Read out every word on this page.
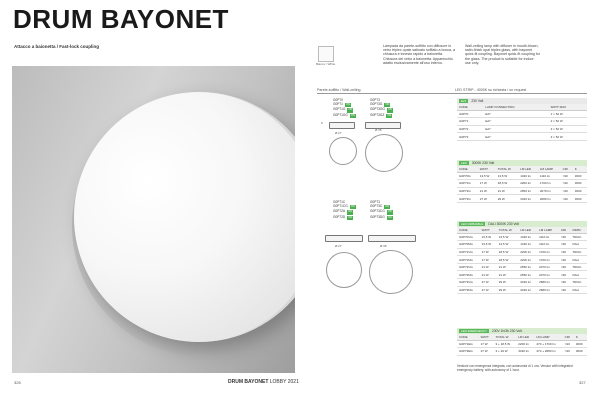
DRUM BAYONET
Attacco a baionetta / Fast-lock coupling
326	DRUM BAYONET LOBBY 2021
Bianco / White
Lampada da parete-soffitto con diffusore in vetro triplex opale satinato soffiato a bocca, a chiusura e innesto rapido a baionetta. Chiusura del vetro a baionetta. Apparecchio adatto esclusivamente all'uso interno.
Wall-ceiling lamp with diffuser in mouth-blown, satin-finish opal triplex glass, with bayonet quick-fit coupling. Bayonet quick-fit coupling for the glass. The product is suitable for indoor use only.
Parete-soffitto / Wall-ceiling	LED STRIP - 4000K su richiesta / on request
G0P70
G0P71 ON
G0P71G ON
G0P71GG ON
G0P73
G0P73G ON
G0P73GG ON
G0P73GZ ON
9
Ø 27
Ø 35
G0P71C
G0P71CG ON
G0P72A ON
G0P72D ON
G0P73
G0P73C ON
G0P73CG ON
G0P73DG ON
Ø 27	Ø 35
E27 230 Volt
CODE	LAMP CONNECTION	WATT MAX
G0P70	E27	1 × 52 W
G0P71	E27	2 × 52 W
G0P72	E27	3 × 52 W
G0P73	E27	3 × 52 W
LED 3000K 230 Volt
CODE	WATT	TOTAL W	LM LED	LM LAMP	CRI	K
G0P70G	13,5 W	13,5 W	1430 lm	1110 lm	>90	3000
G0P71G	17 W	18,5 W	2200 lm	1700 lm	>90	3000
G0P72G	21 W	21 W	2650 lm	2070 lm	>90	3000
G0P73G	27 W	29 W	3430 lm	2680 lm	>90	3000
LED DIMMABLE DALI 3000K 230 Volt
CODE	WATT	TOTAL W	LM LED	LM LAMP	CRI	DIMM
G0P70CG	13,5 W	13,5 W	1430 lm	1110 lm	>90	TRIAC
G0P70DG	13,5 W	13,5 W	1430 lm	1110 lm	>90	DALI
G0P71CG	17 W	18,5 W	2200 lm	1700 lm	>90	TRIAC
G0P71DG	17 W	18,5 W	2200 lm	1700 lm	>90	DALI
G0P72CG	21 W	21 W	2650 lm	2070 lm	>90	TRIAC
G0P72DG	21 W	21 W	2650 lm	2070 lm	>90	DALI
G0P73CG	27 W	29 W	3430 lm	2680 lm	>90	TRIAC
G0P73DG	27 W	29 W	3430 lm	2680 lm	>90	DALI
LED EMERGENCY 230V 1h/3h 230 Volt
CODE	WATT	TOTAL W	LM LED	LM LAMP	CRI	K
G0P71EG	17 W	3 + 18,5 W	2200 lm	470 + 1700 lm	>90	3000
G0P73EG	27 W	3 + 29 W	3430 lm	470 + 2680 lm	>90	3000
Versioni con emergenza integrata, con autonomia di 1 ora. Version with integrated emergency battery, with autonomy of 1 hour.
327
